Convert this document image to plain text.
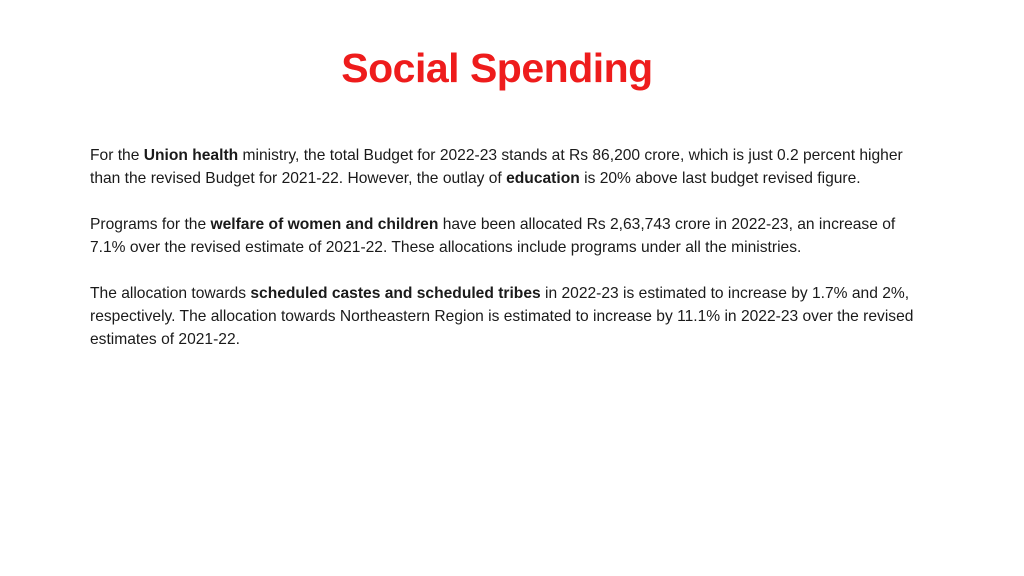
Social Spending

For the Union health ministry, the total Budget for 2022-23 stands at Rs 86,200 crore, which is just 0.2 percent higher than the revised Budget for 2021-22. However, the outlay of education is 20% above last budget revised figure.

Programs for the welfare of women and children have been allocated Rs 2,63,743 crore in 2022-23, an increase of 7.1% over the revised estimate of 2021-22. These allocations include programs under all the ministries.

The allocation towards scheduled castes and scheduled tribes in 2022-23 is estimated to increase by 1.7% and 2%, respectively. The allocation towards Northeastern Region is estimated to increase by 11.1% in 2022-23 over the revised estimates of 2021-22.
